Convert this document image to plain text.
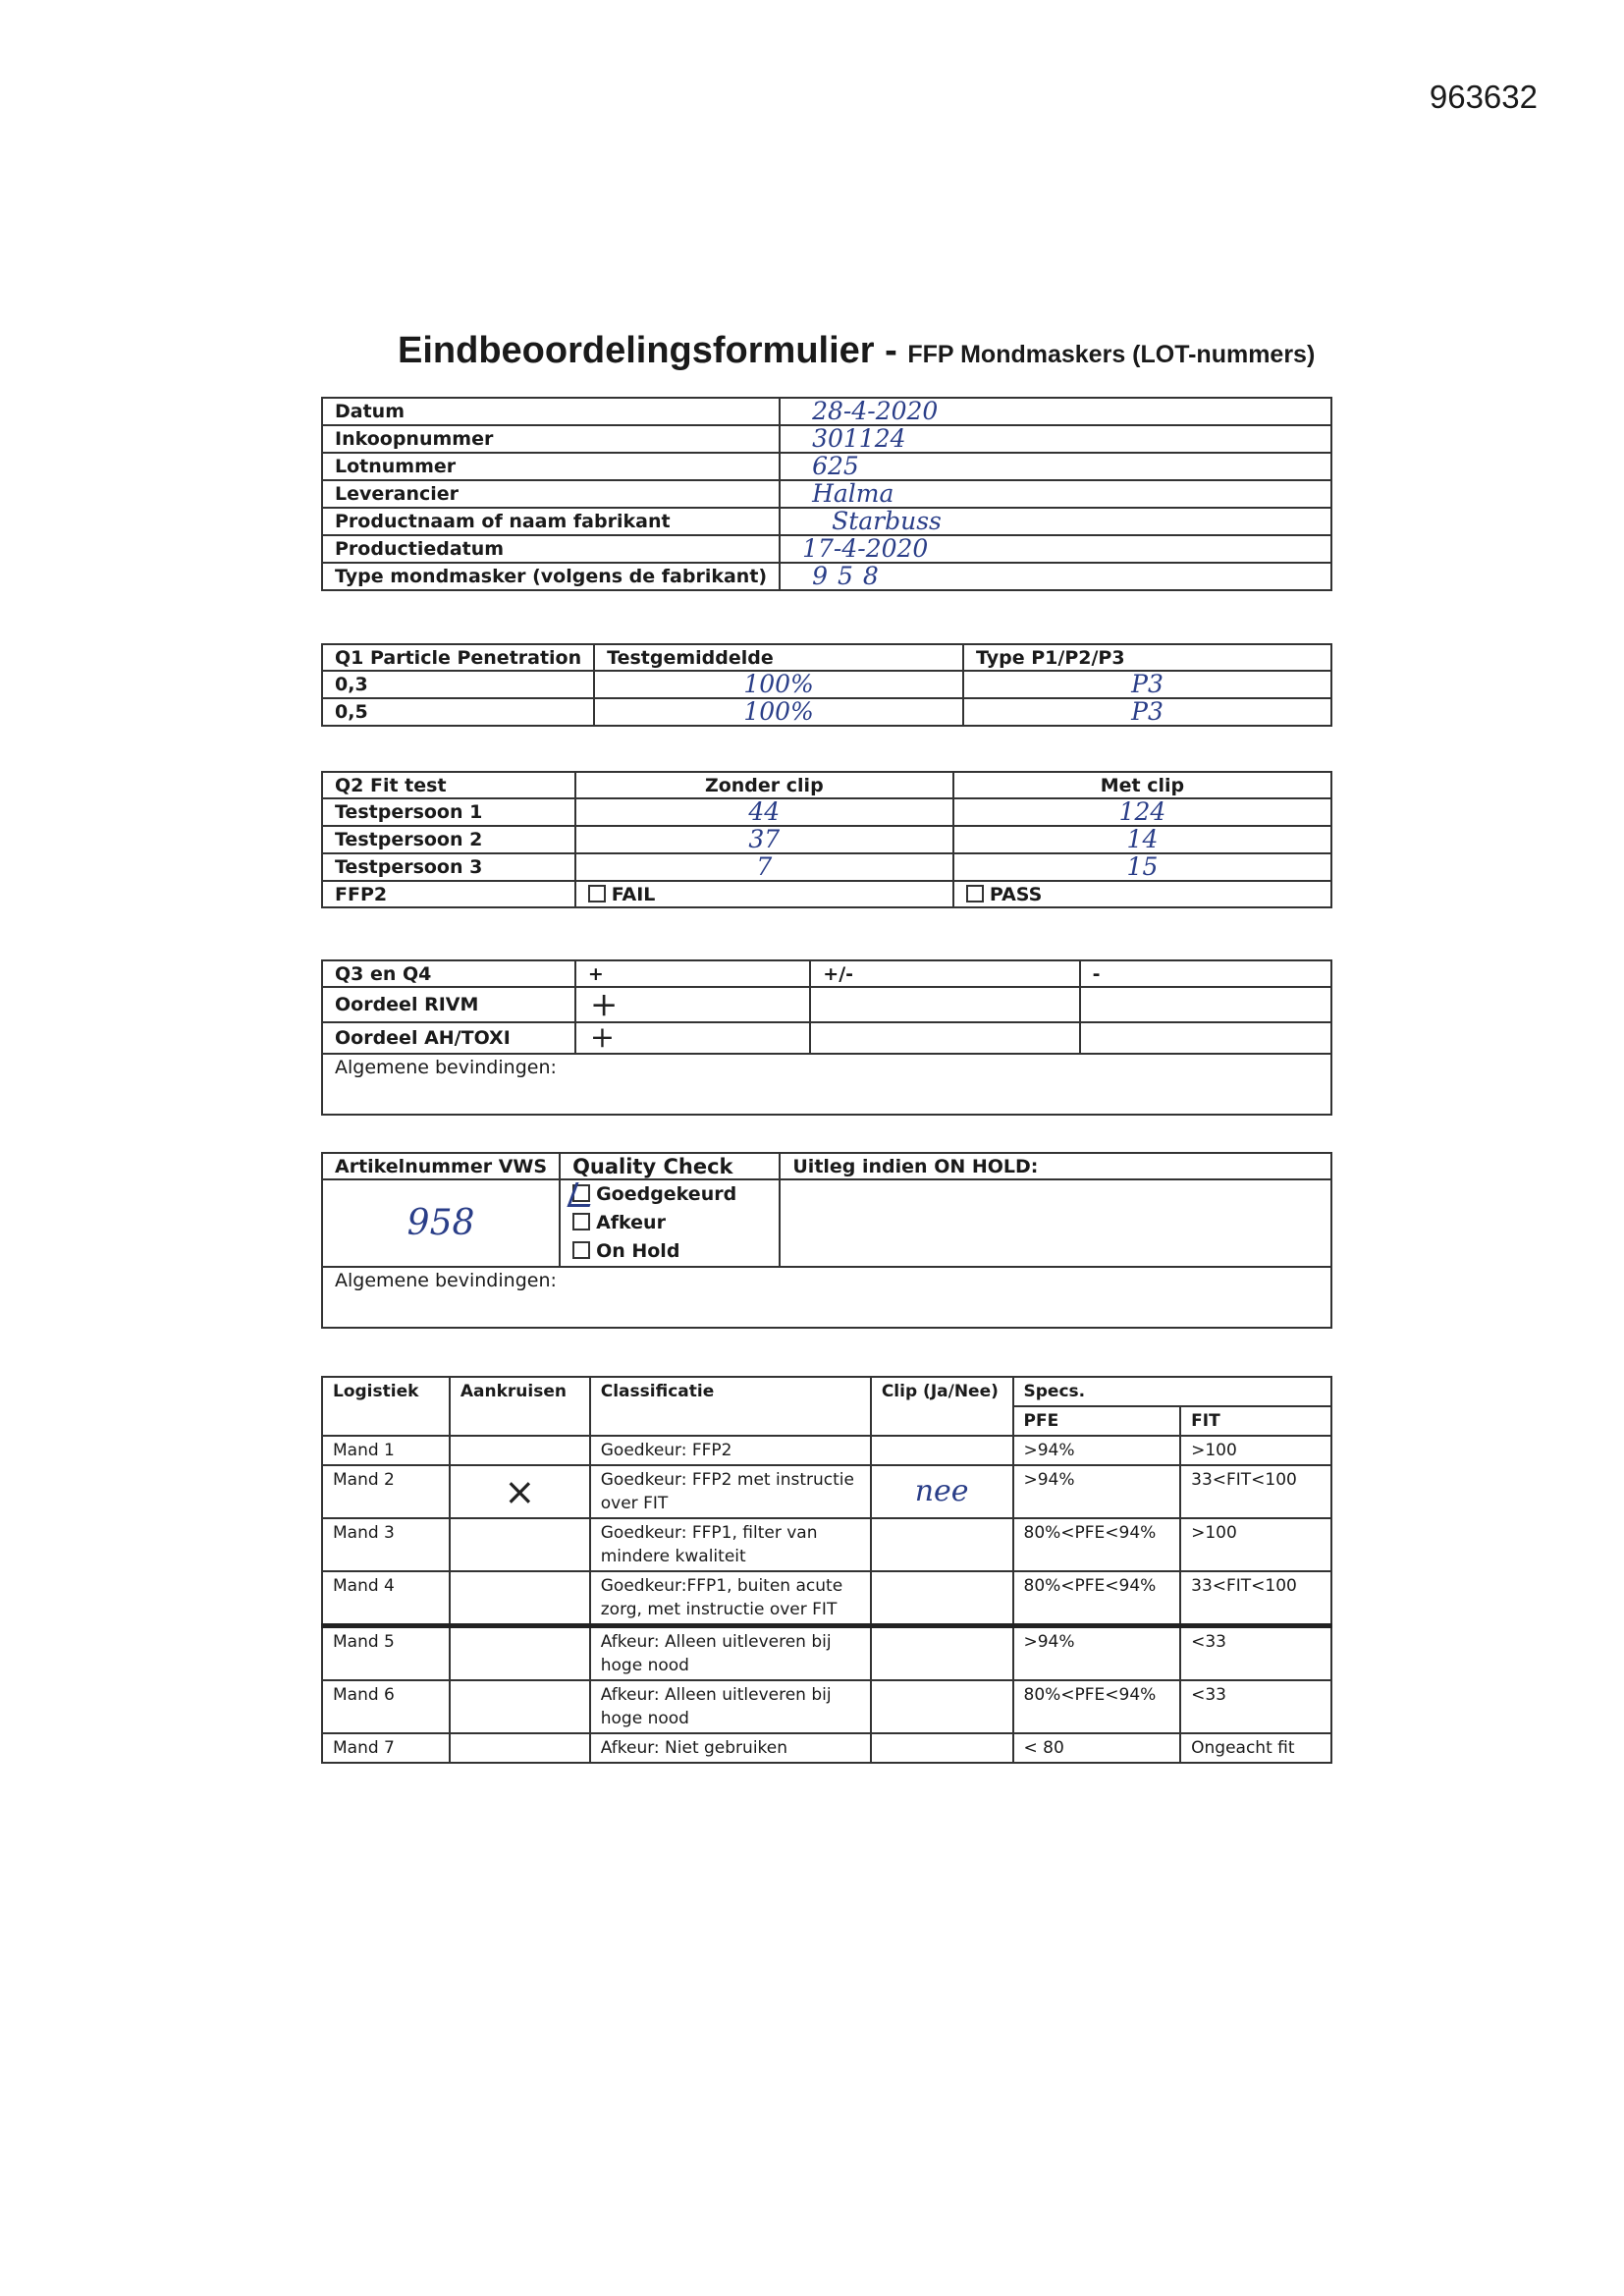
963632
Eindbeoordelingsformulier - FFP Mondmaskers (LOT-nummers)
Datum	28-4-2020
Inkoopnummer	301124
Lotnummer	625
Leverancier	Halma
Productnaam of naam fabrikant	Starbuss
Productiedatum	17-4-2020
Type mondmasker (volgens de fabrikant)	958
Q1 Particle Penetration	Testgemiddelde	Type P1/P2/P3
0,3	100%	P3
0,5	100%	P3
Q2 Fit test	Zonder clip	Met clip
Testpersoon 1	44	124
Testpersoon 2	37	14
Testpersoon 3	7	15
FFP2	FAIL	PASS
Q3 en Q4	+	+/-	-
Oordeel RIVM	+		
Oordeel AH/TOXI	+		
Algemene bevindingen:			
Artikelnummer VWS	Quality Check	Uitleg indien ON HOLD:
958	Goedgekeurd
Afkeur
On Hold	

Algemene bevindingen:		
Logistiek	Aankruisen	Classificatie	Clip (Ja/Nee)	Specs.	
				PFE	FIT
Mand 1		Goedkeur: FFP2		>94%	>100
Mand 2	×	Goedkeur: FFP2 met instructie over FIT	nee	>94%	33<FIT<100
Mand 3		Goedkeur: FFP1, filter van mindere kwaliteit		80%<PFE<94%	>100
Mand 4		Goedkeur:FFP1, buiten acute zorg, met instructie over FIT		80%<PFE<94%	33<FIT<100
Mand 5		Afkeur: Alleen uitleveren bij hoge nood		>94%	<33
Mand 6		Afkeur: Alleen uitleveren bij hoge nood		80%<PFE<94%	<33
Mand 7		Afkeur: Niet gebruiken		< 80	Ongeacht fit
